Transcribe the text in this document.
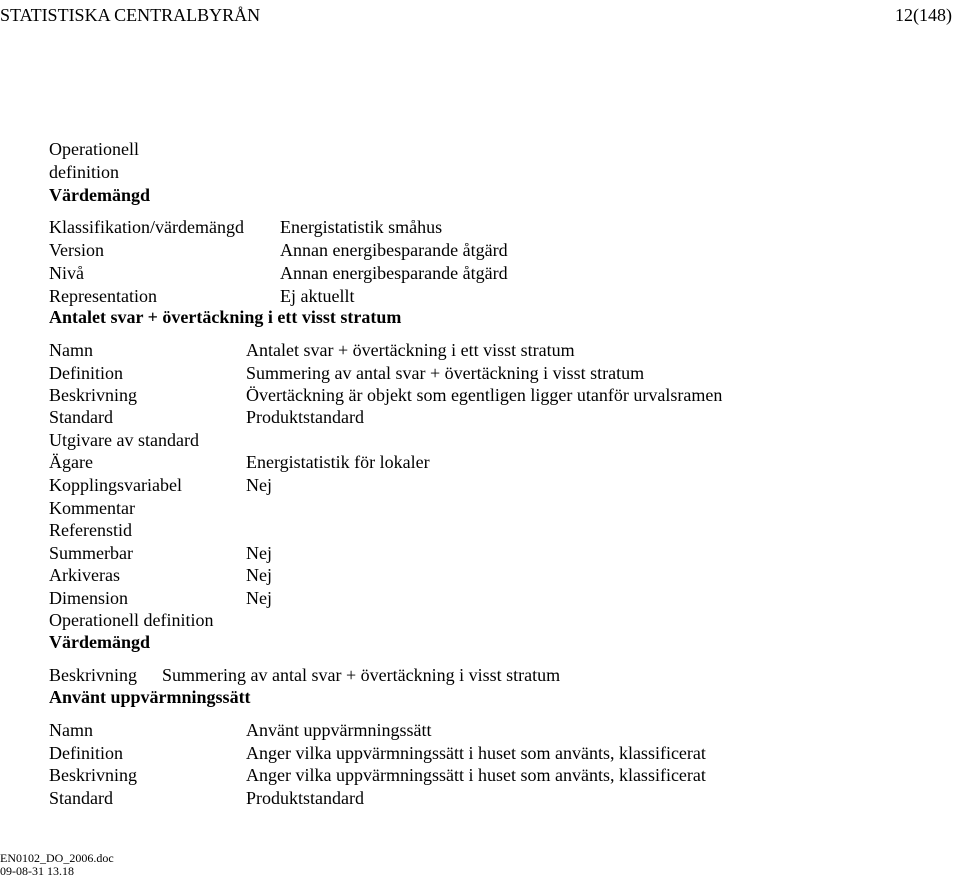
STATISTISKA CENTRALBYRÅN	12(148)
Operationell
definition
Värdemängd
Klassifikation/värdemängd Energistatistik småhus
Version	Annan energibesparande åtgärd
Nivå	Annan energibesparande åtgärd
Representation	Ej aktuellt
Antalet svar + övertäckning i ett visst stratum
Namn	Antalet svar + övertäckning i ett visst stratum
Definition	Summering av antal svar + övertäckning i visst stratum
Beskrivning	Övertäckning är objekt som egentligen ligger utanför urvalsramen
Standard	Produktstandard
Utgivare av standard
Ägare	Energistatistik för lokaler
Kopplingsvariabel	Nej
Kommentar
Referenstid
Summerbar	Nej
Arkiveras	Nej
Dimension	Nej
Operationell definition
Värdemängd
Beskrivning Summering av antal svar + övertäckning i visst stratum
Använt uppvärmningssätt
Namn	Använt uppvärmningssätt
Definition	Anger vilka uppvärmningssätt i huset som använts, klassificerat
Beskrivning	Anger vilka uppvärmningssätt i huset som använts, klassificerat
Standard	Produktstandard
EN0102_DO_2006.doc
09-08-31 13.18
